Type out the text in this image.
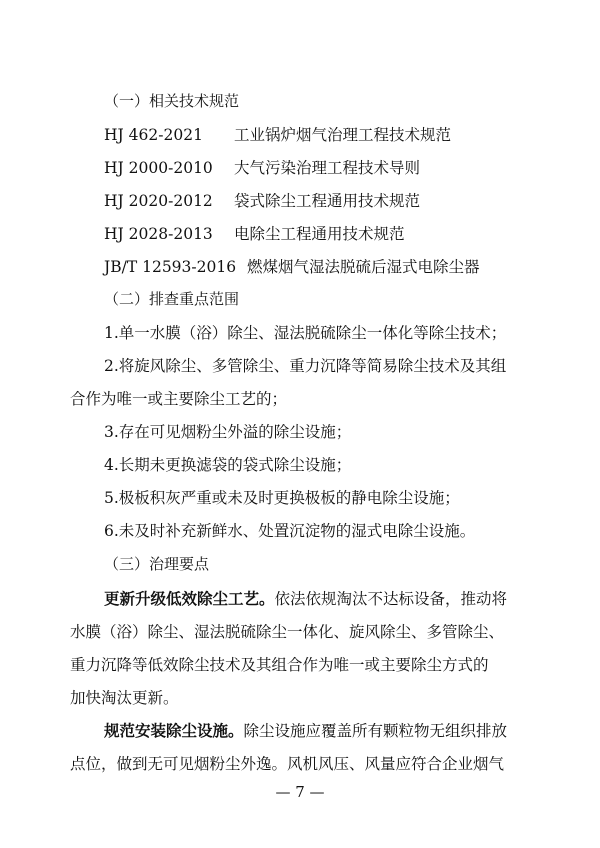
（一）相关技术规范
HJ 462-2021 工业锅炉烟气治理工程技术规范
HJ 2000-2010 大气污染治理工程技术导则
HJ 2020-2012 袋式除尘工程通用技术规范
HJ 2028-2013 电除尘工程通用技术规范
JB/T 12593-2016 燃煤烟气湿法脱硫后湿式电除尘器
（二）排查重点范围
1.单一水膜（浴）除尘、湿法脱硫除尘一体化等除尘技术；
2.将旋风除尘、多管除尘、重力沉降等简易除尘技术及其组
合作为唯一或主要除尘工艺的；
3.存在可见烟粉尘外溢的除尘设施；
4.长期未更换滤袋的袋式除尘设施；
5.极板积灰严重或未及时更换极板的静电除尘设施；
6.未及时补充新鲜水、处置沉淀物的湿式电除尘设施。
（三）治理要点
更新升级低效除尘工艺。依法依规淘汰不达标设备，推动将
水膜（浴）除尘、湿法脱硫除尘一体化、旋风除尘、多管除尘、
重力沉降等低效除尘技术及其组合作为唯一或主要除尘方式的
加快淘汰更新。
规范安装除尘设施。除尘设施应覆盖所有颗粒物无组织排放
点位，做到无可见烟粉尘外逸。风机风压、风量应符合企业烟气
— 7 —
